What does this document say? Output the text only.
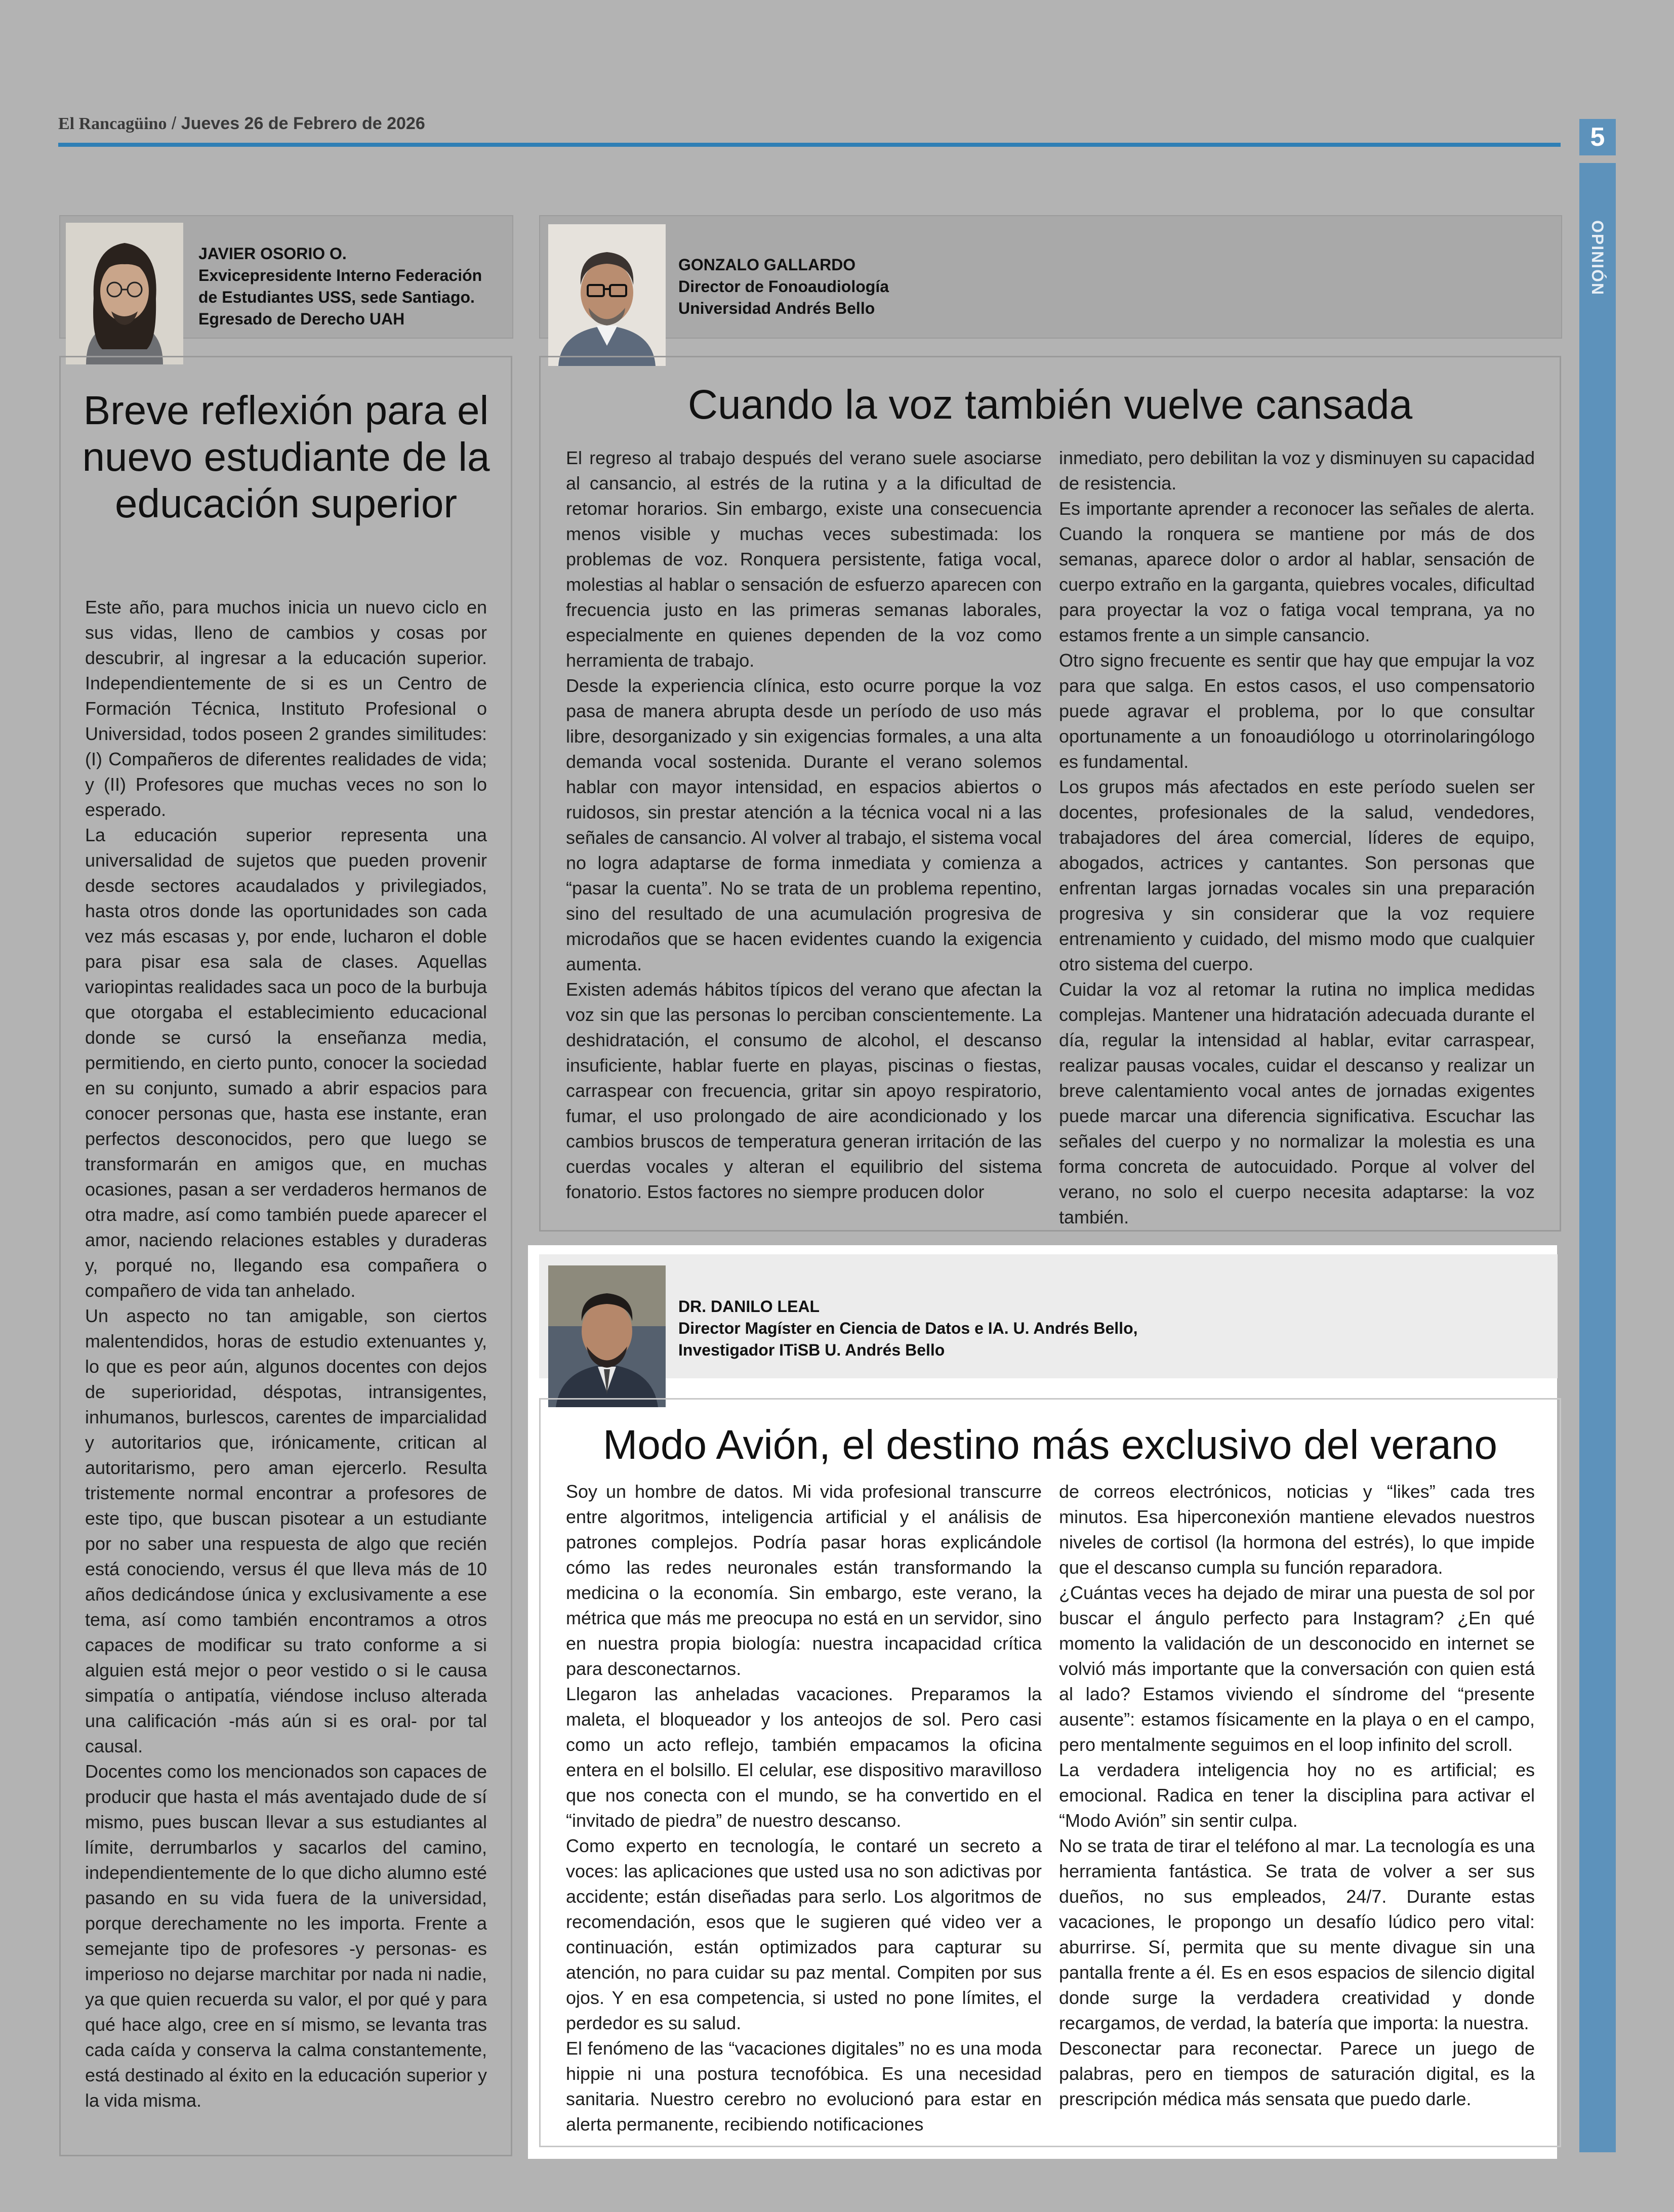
El Rancagüino / Jueves 26 de Febrero de 2026	5
OPINIÓN
JAVIER OSORIO O.
Exvicepresidente Interno Federación
de Estudiantes USS, sede Santiago.
Egresado de Derecho UAH
Breve reflexión para el nuevo estudiante de la educación superior

Este año, para muchos inicia un nuevo ciclo en sus vidas, lleno de cambios y cosas por descubrir, al ingresar a la educación superior. Independientemente de si es un Centro de Formación Técnica, Instituto Profesional o Universidad, todos poseen 2 grandes similitudes: (I) Compañeros de diferentes realidades de vida; y (II) Profesores que muchas veces no son lo esperado.

La educación superior representa una universalidad de sujetos que pueden provenir desde sectores acaudalados y privilegiados, hasta otros donde las oportunidades son cada vez más escasas y, por ende, lucharon el doble para pisar esa sala de clases. Aquellas variopintas realidades saca un poco de la burbuja que otorgaba el establecimiento educacional donde se cursó la enseñanza media, permitiendo, en cierto punto, conocer la sociedad en su conjunto, sumado a abrir espacios para conocer personas que, hasta ese instante, eran perfectos desconocidos, pero que luego se transformarán en amigos que, en muchas ocasiones, pasan a ser verdaderos hermanos de otra madre, así como también puede aparecer el amor, naciendo relaciones estables y duraderas y, porqué no, llegando esa compañera o compañero de vida tan anhelado.

Un aspecto no tan amigable, son ciertos malentendidos, horas de estudio extenuantes y, lo que es peor aún, algunos docentes con dejos de superioridad, déspotas, intransigentes, inhumanos, burlescos, carentes de imparcialidad y autoritarios que, irónicamente, critican al autoritarismo, pero aman ejercerlo. Resulta tristemente normal encontrar a profesores de este tipo, que buscan pisotear a un estudiante por no saber una respuesta de algo que recién está conociendo, versus él que lleva más de 10 años dedicándose única y exclusivamente a ese tema, así como también encontramos a otros capaces de modificar su trato conforme a si alguien está mejor o peor vestido o si le causa simpatía o antipatía, viéndose incluso alterada una calificación -más aún si es oral- por tal causal.

Docentes como los mencionados son capaces de producir que hasta el más aventajado dude de sí mismo, pues buscan llevar a sus estudiantes al límite, derrumbarlos y sacarlos del camino, independientemente de lo que dicho alumno esté pasando en su vida fuera de la universidad, porque derechamente no les importa. Frente a semejante tipo de profesores -y personas- es imperioso no dejarse marchitar por nada ni nadie, ya que quien recuerda su valor, el por qué y para qué hace algo, cree en sí mismo, se levanta tras cada caída y conserva la calma constantemente, está destinado al éxito en la educación superior y la vida misma.

GONZALO GALLARDO
Director de Fonoaudiología
Universidad Andrés Bello
Cuando la voz también vuelve cansada

El regreso al trabajo después del verano suele asociarse al cansancio, al estrés de la rutina y a la dificultad de retomar horarios. Sin embargo, existe una consecuencia menos visible y muchas veces subestimada: los problemas de voz. Ronquera persistente, fatiga vocal, molestias al hablar o sensación de esfuerzo aparecen con frecuencia justo en las primeras semanas laborales, especialmente en quienes dependen de la voz como herramienta de trabajo.

Desde la experiencia clínica, esto ocurre porque la voz pasa de manera abrupta desde un período de uso más libre, desorganizado y sin exigencias formales, a una alta demanda vocal sostenida. Durante el verano solemos hablar con mayor intensidad, en espacios abiertos o ruidosos, sin prestar atención a la técnica vocal ni a las señales de cansancio. Al volver al trabajo, el sistema vocal no logra adaptarse de forma inmediata y comienza a “pasar la cuenta”. No se trata de un problema repentino, sino del resultado de una acumulación progresiva de microdaños que se hacen evidentes cuando la exigencia aumenta.

Existen además hábitos típicos del verano que afectan la voz sin que las personas lo perciban conscientemente. La deshidratación, el consumo de alcohol, el descanso insuficiente, hablar fuerte en playas, piscinas o fiestas, carraspear con frecuencia, gritar sin apoyo respiratorio, fumar, el uso prolongado de aire acondicionado y los cambios bruscos de temperatura generan irritación de las cuerdas vocales y alteran el equilibrio del sistema fonatorio. Estos factores no siempre producen dolor

inmediato, pero debilitan la voz y disminuyen su capacidad de resistencia.

Es importante aprender a reconocer las señales de alerta. Cuando la ronquera se mantiene por más de dos semanas, aparece dolor o ardor al hablar, sensación de cuerpo extraño en la garganta, quiebres vocales, dificultad para proyectar la voz o fatiga vocal temprana, ya no estamos frente a un simple cansancio.

Otro signo frecuente es sentir que hay que empujar la voz para que salga. En estos casos, el uso compensatorio puede agravar el problema, por lo que consultar oportunamente a un fonoaudiólogo u otorrinolaringólogo es fundamental.

Los grupos más afectados en este período suelen ser docentes, profesionales de la salud, vendedores, trabajadores del área comercial, líderes de equipo, abogados, actrices y cantantes. Son personas que enfrentan largas jornadas vocales sin una preparación progresiva y sin considerar que la voz requiere entrenamiento y cuidado, del mismo modo que cualquier otro sistema del cuerpo.

Cuidar la voz al retomar la rutina no implica medidas complejas. Mantener una hidratación adecuada durante el día, regular la intensidad al hablar, evitar carraspear, realizar pausas vocales, cuidar el descanso y realizar un breve calentamiento vocal antes de jornadas exigentes puede marcar una diferencia significativa. Escuchar las señales del cuerpo y no normalizar la molestia es una forma concreta de autocuidado. Porque al volver del verano, no solo el cuerpo necesita adaptarse: la voz también.

DR. DANILO LEAL
Director Magíster en Ciencia de Datos e IA. U. Andrés Bello,
Investigador ITiSB U. Andrés Bello
Modo Avión, el destino más exclusivo del verano

Soy un hombre de datos. Mi vida profesional transcurre entre algoritmos, inteligencia artificial y el análisis de patrones complejos. Podría pasar horas explicándole cómo las redes neuronales están transformando la medicina o la economía. Sin embargo, este verano, la métrica que más me preocupa no está en un servidor, sino en nuestra propia biología: nuestra incapacidad crítica para desconectarnos.

Llegaron las anheladas vacaciones. Preparamos la maleta, el bloqueador y los anteojos de sol. Pero casi como un acto reflejo, también empacamos la oficina entera en el bolsillo. El celular, ese dispositivo maravilloso que nos conecta con el mundo, se ha convertido en el “invitado de piedra” de nuestro descanso.

Como experto en tecnología, le contaré un secreto a voces: las aplicaciones que usted usa no son adictivas por accidente; están diseñadas para serlo. Los algoritmos de recomendación, esos que le sugieren qué video ver a continuación, están optimizados para capturar su atención, no para cuidar su paz mental. Compiten por sus ojos. Y en esa competencia, si usted no pone límites, el perdedor es su salud.

El fenómeno de las “vacaciones digitales” no es una moda hippie ni una postura tecnofóbica. Es una necesidad sanitaria. Nuestro cerebro no evolucionó para estar en alerta permanente, recibiendo notificaciones

de correos electrónicos, noticias y “likes” cada tres minutos. Esa hiperconexión mantiene elevados nuestros niveles de cortisol (la hormona del estrés), lo que impide que el descanso cumpla su función reparadora.

¿Cuántas veces ha dejado de mirar una puesta de sol por buscar el ángulo perfecto para Instagram? ¿En qué momento la validación de un desconocido en internet se volvió más importante que la conversación con quien está al lado? Estamos viviendo el síndrome del “presente ausente”: estamos físicamente en la playa o en el campo, pero mentalmente seguimos en el loop infinito del scroll.

La verdadera inteligencia hoy no es artificial; es emocional. Radica en tener la disciplina para activar el “Modo Avión” sin sentir culpa.

No se trata de tirar el teléfono al mar. La tecnología es una herramienta fantástica. Se trata de volver a ser sus dueños, no sus empleados, 24/7. Durante estas vacaciones, le propongo un desafío lúdico pero vital: aburrirse. Sí, permita que su mente divague sin una pantalla frente a él. Es en esos espacios de silencio digital donde surge la verdadera creatividad y donde recargamos, de verdad, la batería que importa: la nuestra.

Desconectar para reconectar. Parece un juego de palabras, pero en tiempos de saturación digital, es la prescripción médica más sensata que puedo darle.
